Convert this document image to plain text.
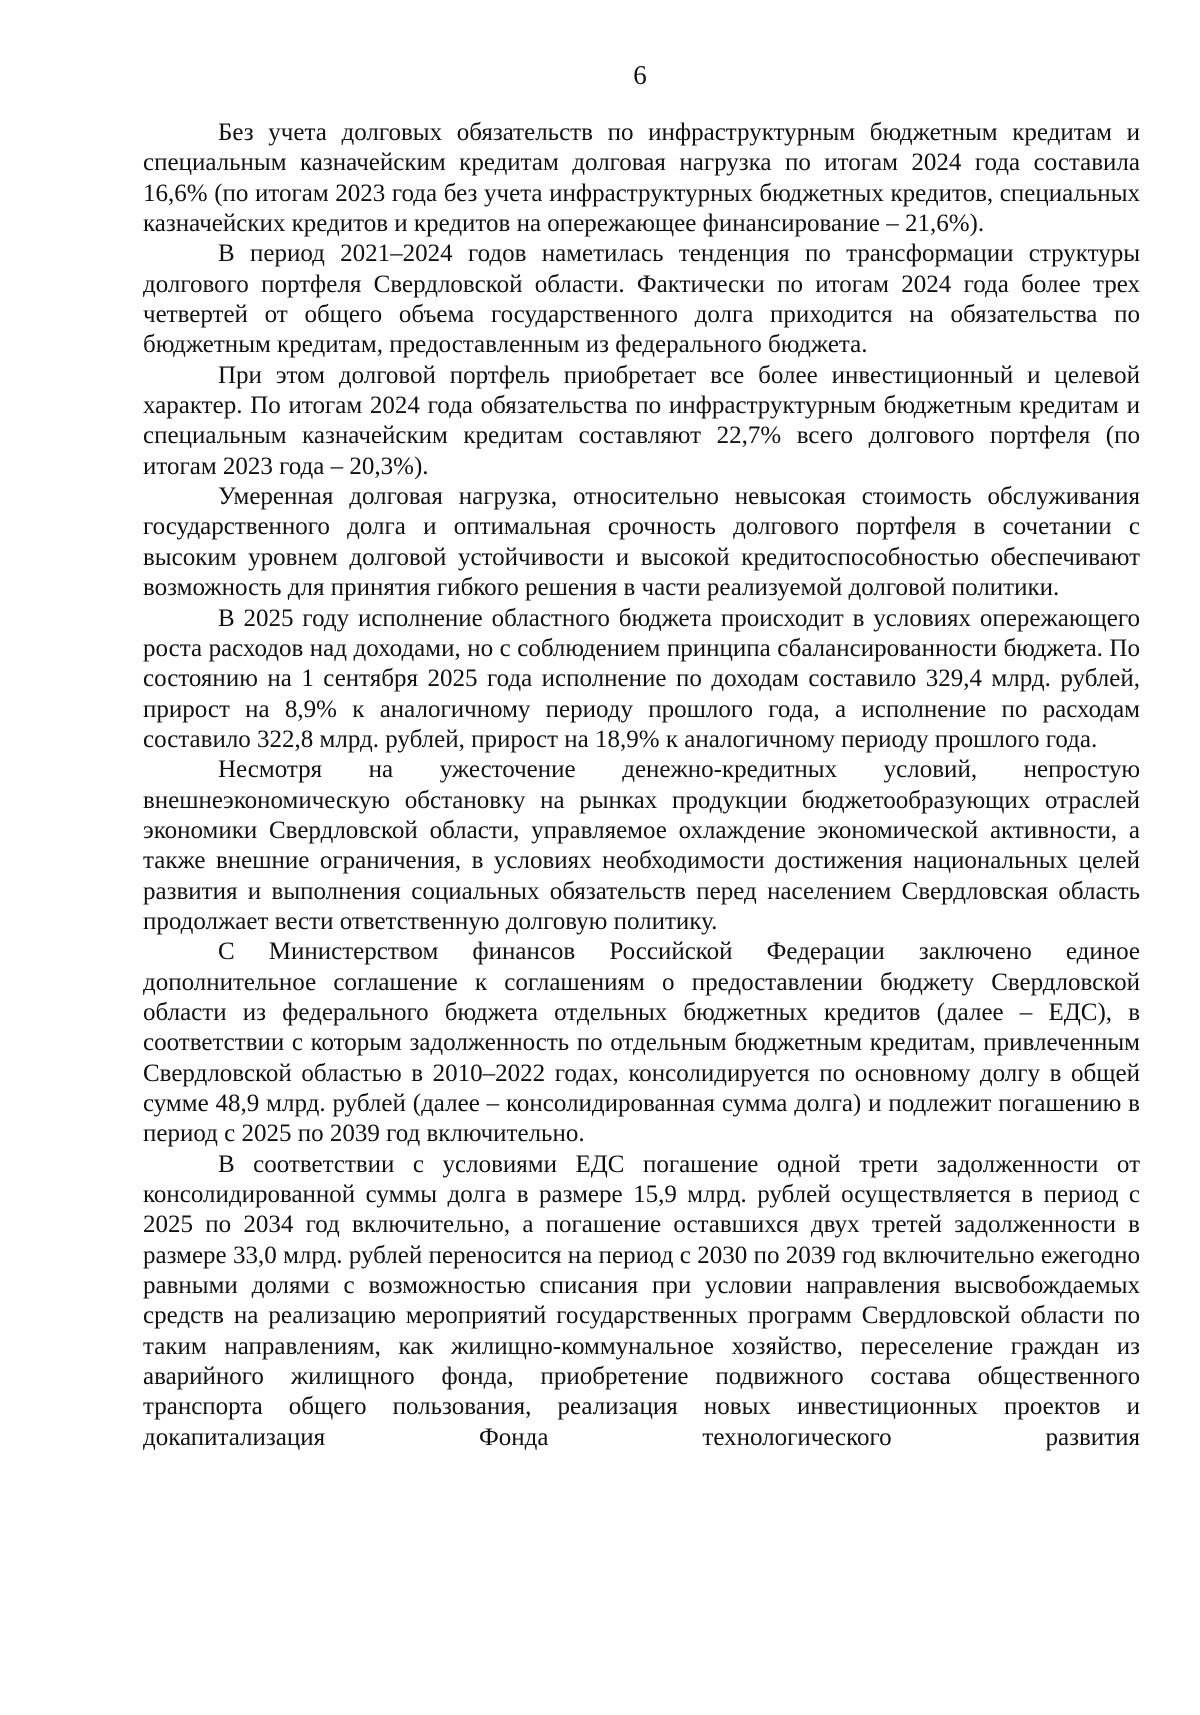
6

Без учета долговых обязательств по инфраструктурным бюджетным кредитам и специальным казначейским кредитам долговая нагрузка по итогам 2024 года составила 16,6% (по итогам 2023 года без учета инфраструктурных бюджетных кредитов, специальных казначейских кредитов и кредитов на опережающее финансирование – 21,6%).

В период 2021–2024 годов наметилась тенденция по трансформации структуры долгового портфеля Свердловской области. Фактически по итогам 2024 года более трех четвертей от общего объема государственного долга приходится на обязательства по бюджетным кредитам, предоставленным из федерального бюджета.

При этом долговой портфель приобретает все более инвестиционный и целевой характер. По итогам 2024 года обязательства по инфраструктурным бюджетным кредитам и специальным казначейским кредитам составляют 22,7% всего долгового портфеля (по итогам 2023 года – 20,3%).

Умеренная долговая нагрузка, относительно невысокая стоимость обслуживания государственного долга и оптимальная срочность долгового портфеля в сочетании с высоким уровнем долговой устойчивости и высокой кредитоспособностью обеспечивают возможность для принятия гибкого решения в части реализуемой долговой политики.

В 2025 году исполнение областного бюджета происходит в условиях опережающего роста расходов над доходами, но с соблюдением принципа сбалансированности бюджета. По состоянию на 1 сентября 2025 года исполнение по доходам составило 329,4 млрд. рублей, прирост на 8,9% к аналогичному периоду прошлого года, а исполнение по расходам составило 322,8 млрд. рублей, прирост на 18,9% к аналогичному периоду прошлого года.

Несмотря на ужесточение денежно-кредитных условий, непростую внешнеэкономическую обстановку на рынках продукции бюджетообразующих отраслей экономики Свердловской области, управляемое охлаждение экономической активности, а также внешние ограничения, в условиях необходимости достижения национальных целей развития и выполнения социальных обязательств перед населением Свердловская область продолжает вести ответственную долговую политику.

С Министерством финансов Российской Федерации заключено единое дополнительное соглашение к соглашениям о предоставлении бюджету Свердловской области из федерального бюджета отдельных бюджетных кредитов (далее – ЕДС), в соответствии с которым задолженность по отдельным бюджетным кредитам, привлеченным Свердловской областью в 2010–2022 годах, консолидируется по основному долгу в общей сумме 48,9 млрд. рублей (далее – консолидированная сумма долга) и подлежит погашению в период с 2025 по 2039 год включительно.

В соответствии с условиями ЕДС погашение одной трети задолженности от консолидированной суммы долга в размере 15,9 млрд. рублей осуществляется в период с 2025 по 2034 год включительно, а погашение оставшихся двух третей задолженности в размере 33,0 млрд. рублей переносится на период с 2030 по 2039 год включительно ежегодно равными долями с возможностью списания при условии направления высвобождаемых средств на реализацию мероприятий государственных программ Свердловской области по таким направлениям, как жилищно-коммунальное хозяйство, переселение граждан из аварийного жилищного фонда, приобретение подвижного состава общественного транспорта общего пользования, реализация новых инвестиционных проектов и докапитализация Фонда технологического развития
